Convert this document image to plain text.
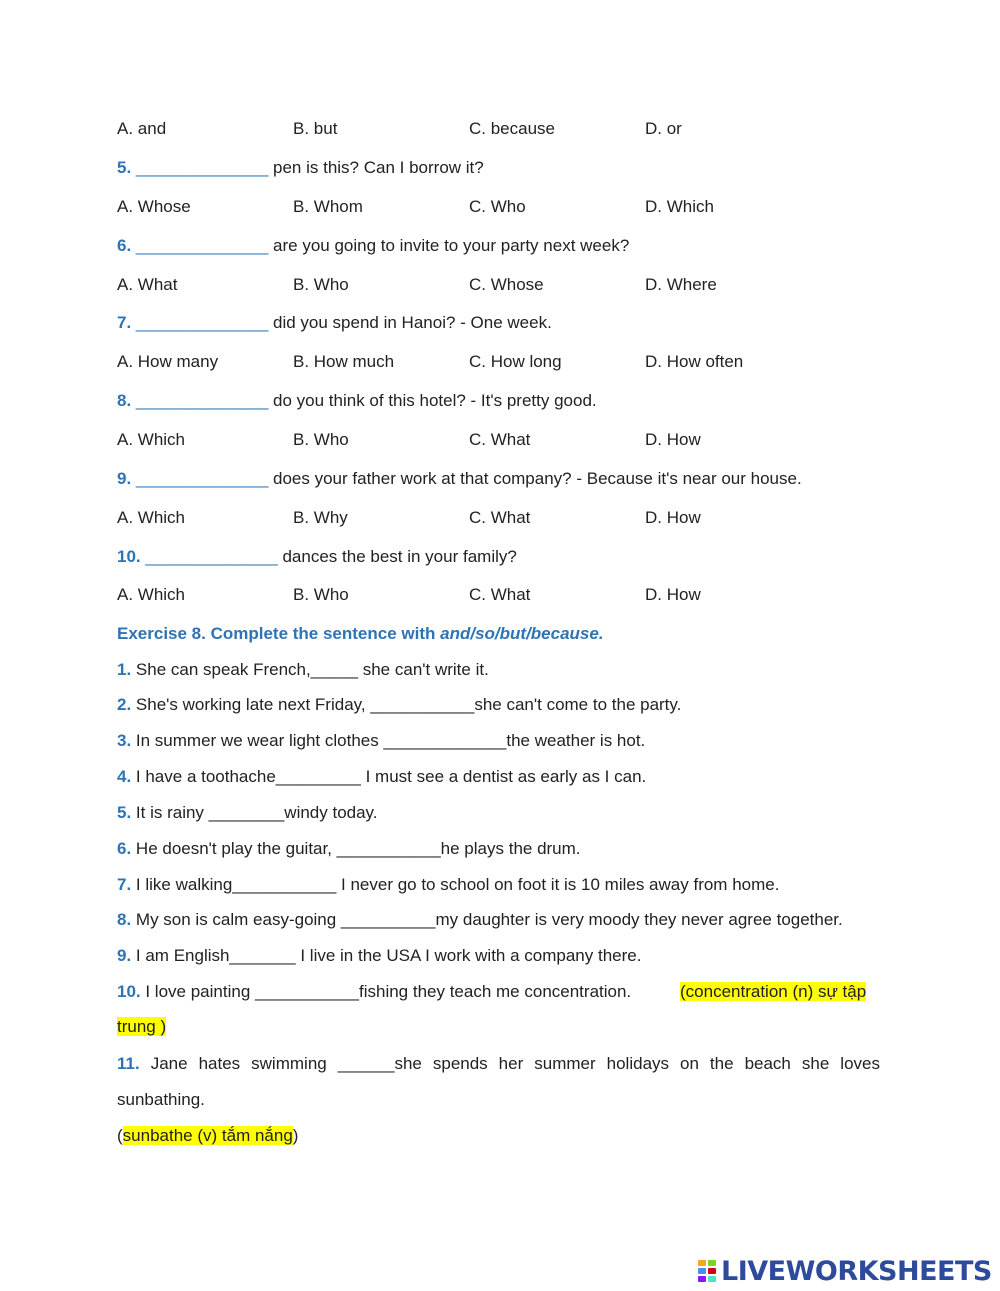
A. and	B. but	C. because	D. or
5. ______________ pen is this? Can I borrow it?
A. Whose	B. Whom	C. Who	D. Which
6. ______________ are you going to invite to your party next week?
A. What	B. Who	C. Whose	D. Where
7. ______________ did you spend in Hanoi? - One week.
A. How many	B. How much	C. How long	D. How often
8. ______________ do you think of this hotel? - It's pretty good.
A. Which	B. Who	C. What	D. How
9. ______________ does your father work at that company? - Because it's near our house.
A. Which	B. Why	C. What	D. How
10. ______________ dances the best in your family?
A. Which	B. Who	C. What	D. How
Exercise 8. Complete the sentence with and/so/but/because.
1. She can speak French,_____ she can't write it.
2. She's working late next Friday, ___________she can't come to the party.
3. In summer we wear light clothes _____________the weather is hot.
4. I have a toothache_________ I must see a dentist as early as I can.
5. It is rainy ________windy today.
6. He doesn't play the guitar, ___________he plays the drum.
7. I like walking___________ I never go to school on foot it is 10 miles away from home.
8. My son is calm easy-going __________my daughter is very moody they never agree together.
9. I am English_______ I live in the USA I work with a company there.
10. I love painting ___________fishing they teach me concentration.	(concentration (n) sự tập
trung )
11. Jane hates swimming ______she spends her summer holidays on the beach she loves
sunbathing.
(sunbathe (v) tắm nắng)
LIVEWORKSHEETS
